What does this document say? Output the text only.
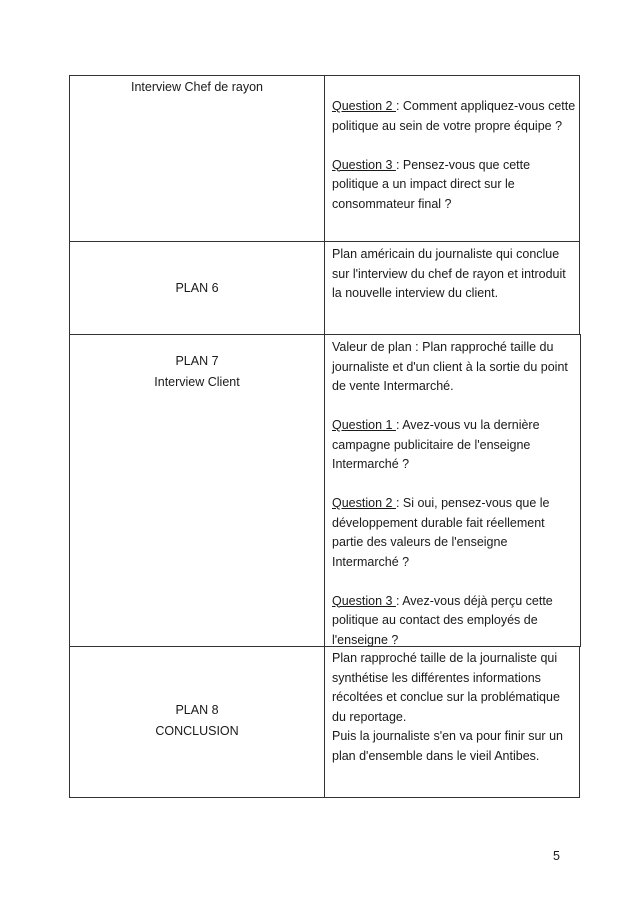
Interview Chef de rayon

Question 2 : Comment appliquez-vous cette politique au sein de votre propre équipe ?

Question 3 : Pensez-vous que cette politique a un impact direct sur le consommateur final ?

PLAN 6

Plan américain du journaliste qui conclue sur l'interview du chef de rayon et introduit la nouvelle interview du client.

PLAN 7
Interview Client

Valeur de plan : Plan rapproché taille du journaliste et d'un client à la sortie du point de vente Intermarché.

Question 1 : Avez-vous vu la dernière campagne publicitaire de l'enseigne Intermarché ?

Question 2 : Si oui, pensez-vous que le développement durable fait réellement partie des valeurs de l'enseigne Intermarché ?

Question 3 : Avez-vous déjà perçu cette politique au contact des employés de l'enseigne ?

PLAN 8
CONCLUSION
Plan rapproché taille de la journaliste qui synthétise les différentes informations récoltées et conclue sur la problématique du reportage.
Puis la journaliste s'en va pour finir sur un plan d'ensemble dans le vieil Antibes.
5
